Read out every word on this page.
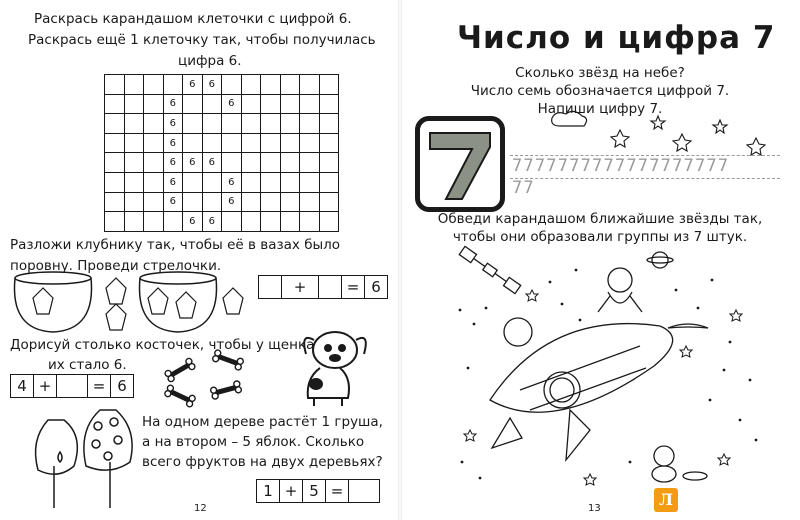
Раскрась карандашом клеточки с цифрой 6.
Раскрась ещё 1 клеточку так, чтобы получилась
цифра 6.
				6	6						
			6			6					
			6								
			6								
			6	6	6						
			6			6					
			6			6					
				6	6						
Разложи клубнику так, чтобы её в вазах было
поровну. Проведи стрелочки.
+	= 6
Дорисуй столько косточек, чтобы у щенка
их стало 6.
4 +	= 6
На одном дереве растёт 1 груша,
а на втором – 5 яблок. Сколько
всего фруктов на двух деревьях?
1 + 5 =
12
Число и цифра 7
Сколько звёзд на небе?
Число семь обозначается цифрой 7.
Напиши цифру 7.
7777777777777777777
77
Обведи карандашом ближайшие звёзды так,
чтобы они образовали группы из 7 штук.
13	Л
